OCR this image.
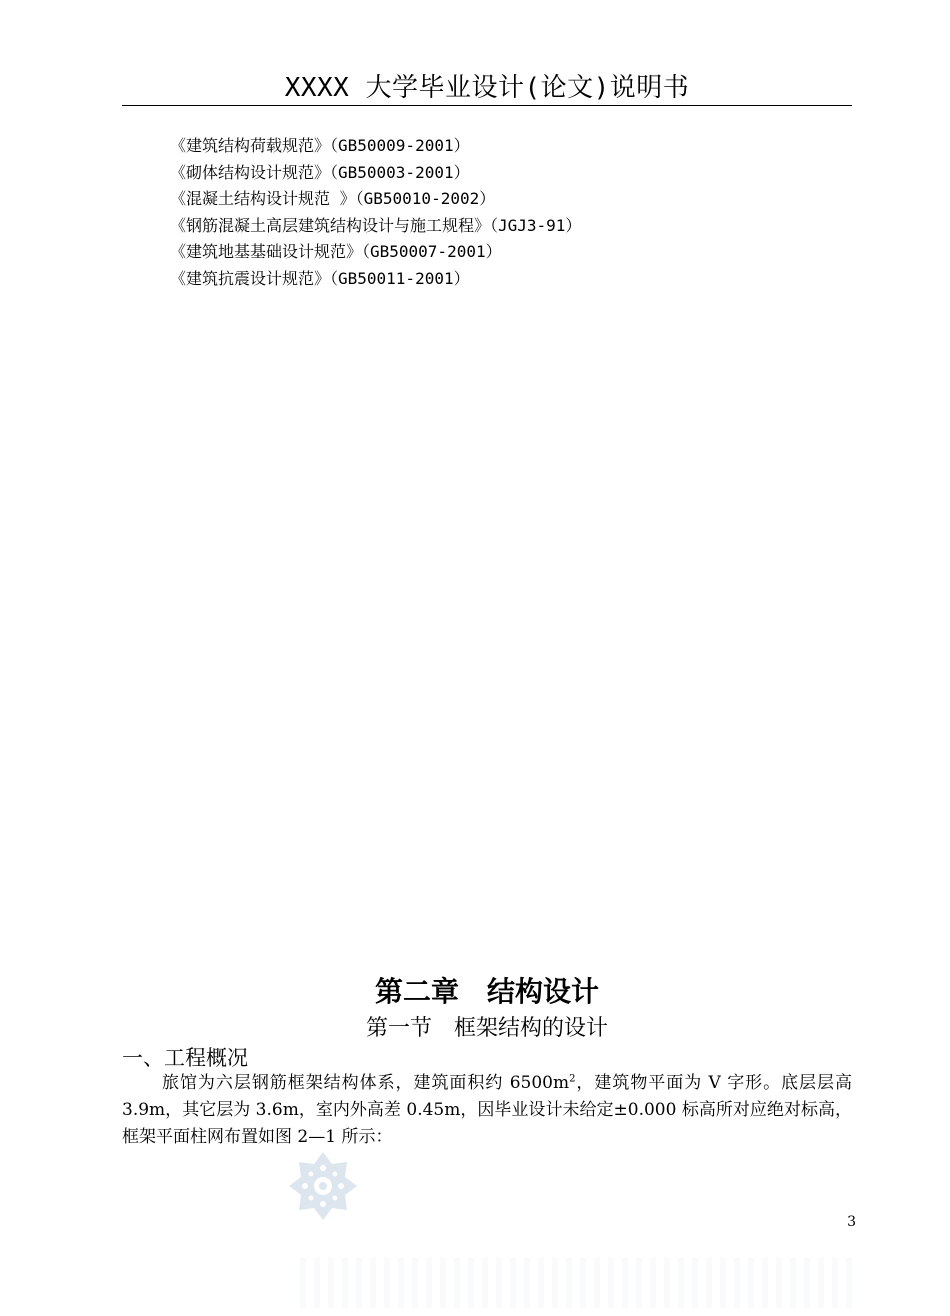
XXXX 大学毕业设计(论文)说明书
《建筑结构荷载规范》（GB50009-2001）
《砌体结构设计规范》（GB50003-2001）
《混凝土结构设计规范 》（GB50010-2002）
《钢筋混凝土高层建筑结构设计与施工规程》（JGJ3-91）
《建筑地基基础设计规范》（GB50007-2001）
《建筑抗震设计规范》（GB50011-2001）
第二章　结构设计
第一节　框架结构的设计
一、工程概况

旅馆为六层钢筋框架结构体系，建筑面积约 $6500m^2$，建筑物平面为 V 字形。底层层高 3.9m，其它层为 3.6m，室内外高差 0.45m，因毕业设计未给定±0.000 标高所对应绝对标高，框架平面柱网布置如图 2—1 所示：

3
